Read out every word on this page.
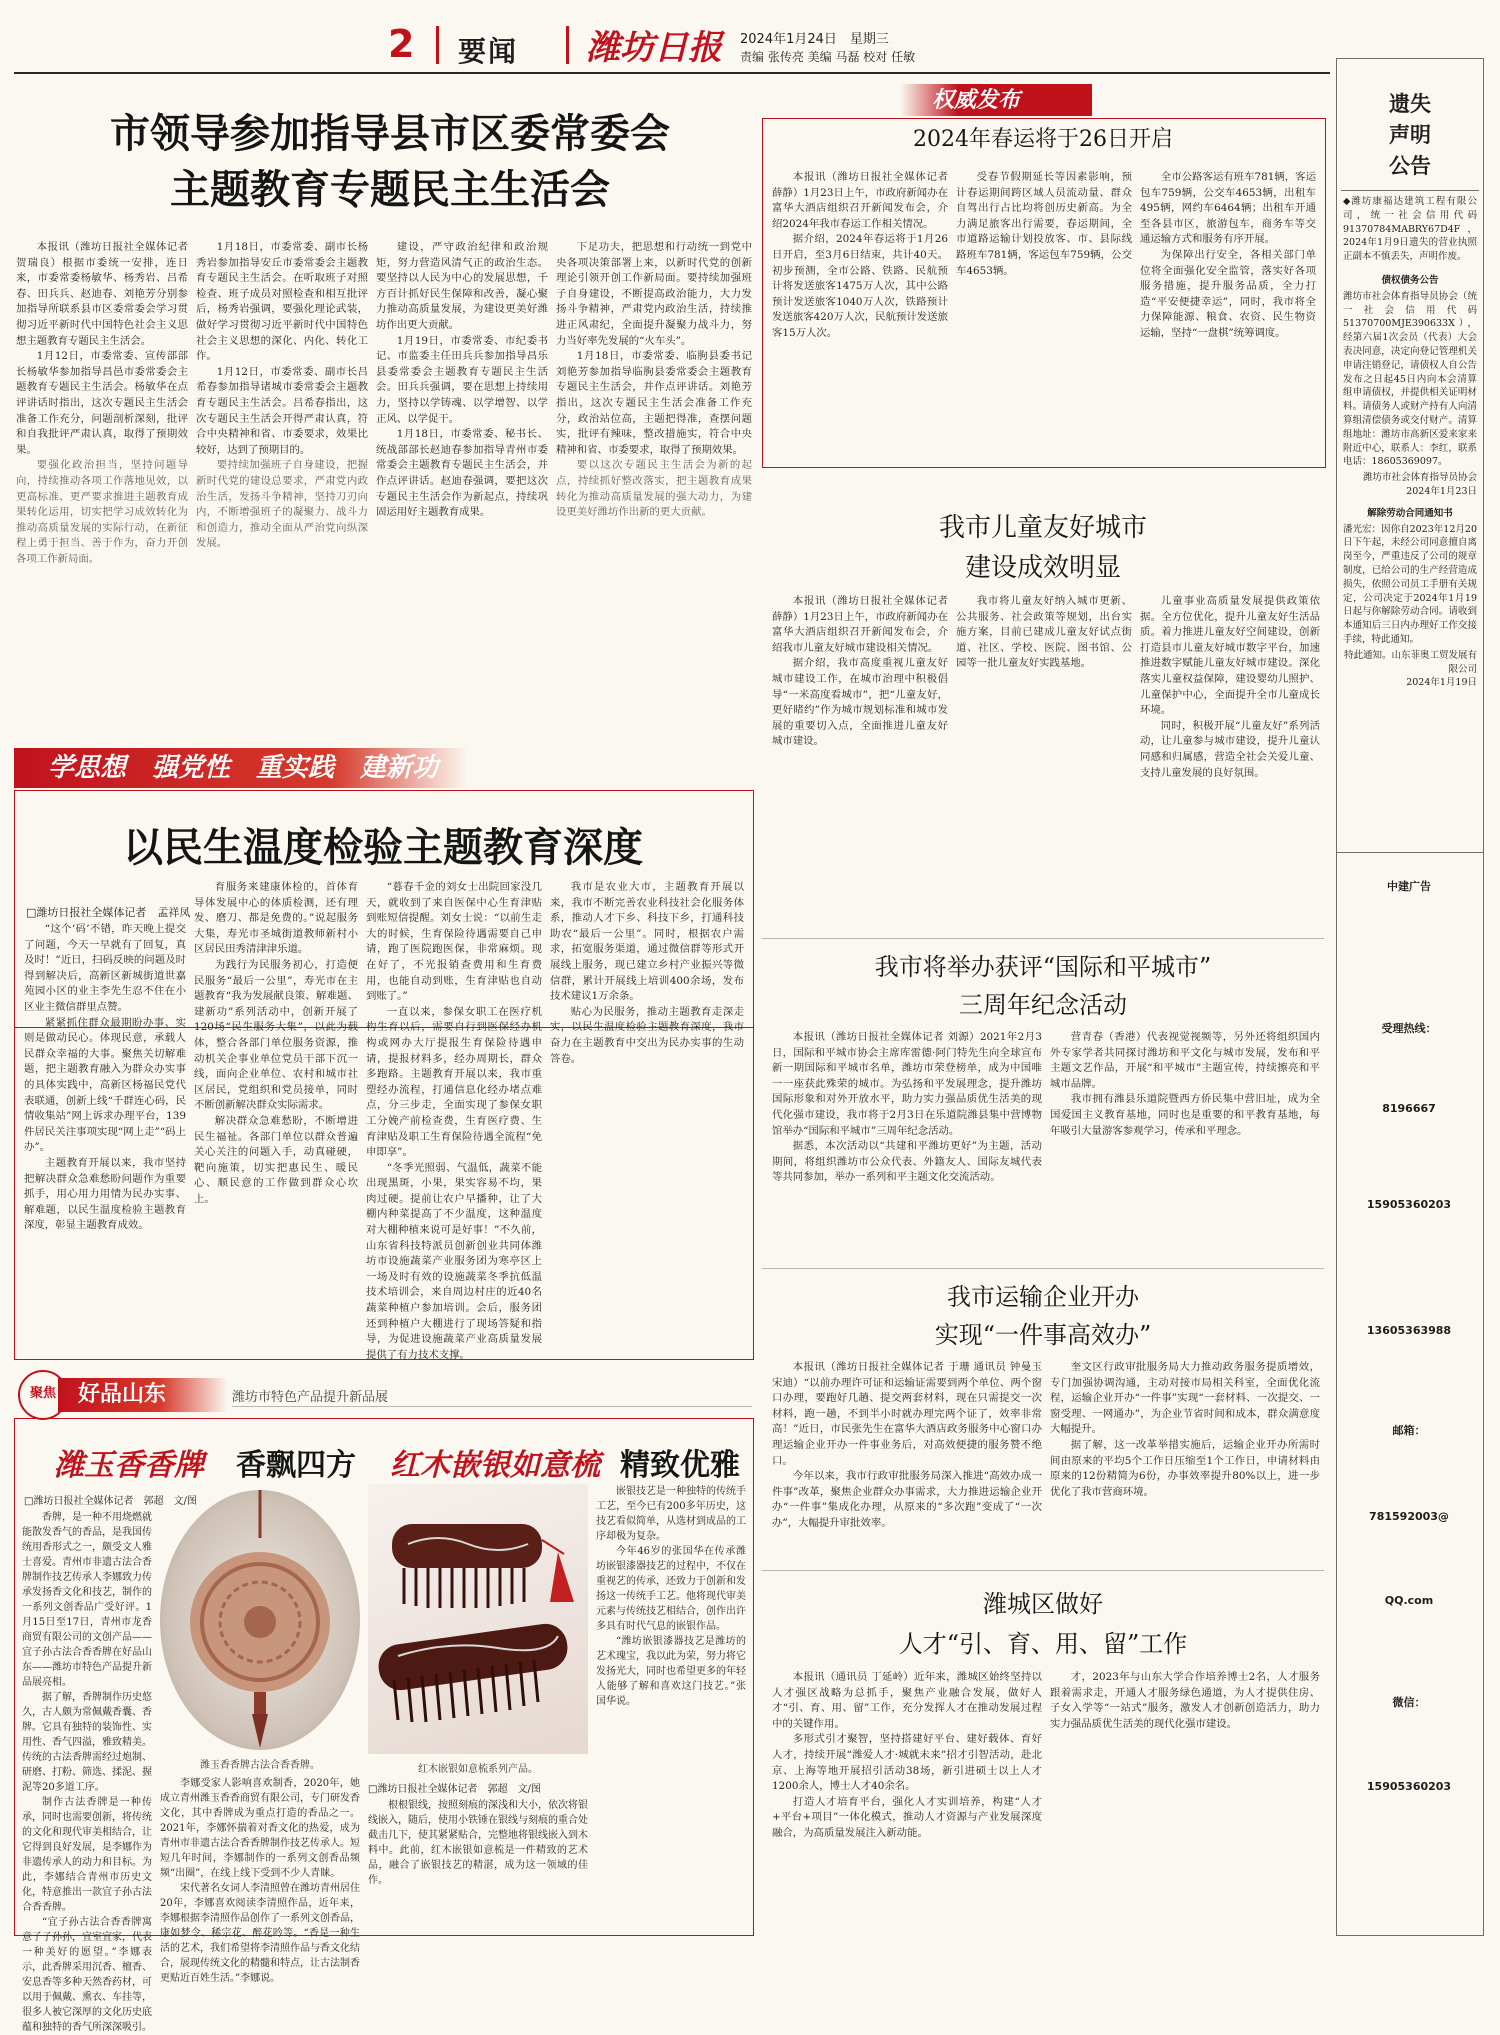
2 要闻 潍坊日报 2024年1月24日　星期三
责编 张传亮 美编 马磊 校对 任敏
市领导参加指导县市区委常委会
主题教育专题民主生活会

本报讯（潍坊日报社全媒体记者 贺瑞良）根据市委统一安排，连日来，市委常委杨敏华、杨秀岩、吕希春、田兵兵、赵迪春、刘艳芳分别参加指导所联系县市区委常委会学习贯彻习近平新时代中国特色社会主义思想主题教育专题民主生活会。

1月12日，市委常委、宣传部部长杨敏华参加指导昌邑市委常委会主题教育专题民主生活会。杨敏华在点评讲话时指出，这次专题民主生活会准备工作充分，问题剖析深刻，批评和自我批评严肃认真，取得了预期效果。

要强化政治担当，坚持问题导向，持续推动各项工作落地见效，以更高标准、更严要求推进主题教育成果转化运用，切实把学习成效转化为推动高质量发展的实际行动，在新征程上勇于担当、善于作为，奋力开创各项工作新局面。

1月18日，市委常委、副市长杨秀岩参加指导安丘市委常委会主题教育专题民主生活会。在听取班子对照检查、班子成员对照检查和相互批评后，杨秀岩强调，要强化理论武装，做好学习贯彻习近平新时代中国特色社会主义思想的深化、内化、转化工作。

1月12日，市委常委、副市长吕希春参加指导诸城市委常委会主题教育专题民主生活会。吕希春指出，这次专题民主生活会开得严肃认真，符合中央精神和省、市委要求，效果比较好，达到了预期目的。

要持续加强班子自身建设，把握新时代党的建设总要求，严肃党内政治生活，发扬斗争精神，坚持刀刃向内，不断增强班子的凝聚力、战斗力和创造力，推动全面从严治党向纵深发展。

建设，严守政治纪律和政治规矩，努力营造风清气正的政治生态。要坚持以人民为中心的发展思想，千方百计抓好民生保障和改善，凝心聚力推动高质量发展，为建设更美好潍坊作出更大贡献。

1月19日，市委常委、市纪委书记、市监委主任田兵兵参加指导昌乐县委常委会主题教育专题民主生活会。田兵兵强调，要在思想上持续用力，坚持以学铸魂、以学增智、以学正风、以学促干。

1月18日，市委常委、秘书长、统战部部长赵迪春参加指导青州市委常委会主题教育专题民主生活会，并作点评讲话。赵迪春强调，要把这次专题民主生活会作为新起点，持续巩固运用好主题教育成果。

下足功夫，把思想和行动统一到党中央各项决策部署上来，以新时代党的创新理论引领开创工作新局面。要持续加强班子自身建设，不断提高政治能力，大力发扬斗争精神，严肃党内政治生活，持续推进正风肃纪，全面提升凝聚力战斗力，努力当好率先发展的“火车头”。

1月18日，市委常委、临朐县委书记刘艳芳参加指导临朐县委常委会主题教育专题民主生活会，并作点评讲话。刘艳芳指出，这次专题民主生活会准备工作充分，政治站位高，主题把得准，查摆问题实，批评有辣味，整改措施实，符合中央精神和省、市委要求，取得了预期效果。

要以这次专题民主生活会为新的起点，持续抓好整改落实，把主题教育成果转化为推动高质量发展的强大动力，为建设更美好潍坊作出新的更大贡献。

学思想　强党性　重实践　建新功
以民生温度检验主题教育深度
□潍坊日报社全媒体记者　孟祥凤

“这个‘码’不错，昨天晚上提交了问题，今天一早就有了回复，真及时！”近日，扫码反映的问题及时得到解决后，高新区新城街道世嘉苑园小区的业主李先生忍不住在小区业主微信群里点赞。

紧紧抓住群众最期盼办事、实则是做动民心。体现民意，承载人民群众幸福的大事。聚焦关切解难题，把主题教育融入为群众办实事的具体实践中，高新区杨福民党代表联通，创新上线“千群连心码，民情收集站”网上诉求办理平台，139件居民关注事项实现“网上走”“码上办”。

主题教育开展以来，我市坚持把解决群众急难愁盼问题作为重要抓手，用心用力用情为民办实事、解难题，以民生温度检验主题教育深度，彰显主题教育成效。

育服务来建康体检的，首体育导体发展中心的体质检测，还有理发、磨刀、都是免费的。”说起服务大集，寿光市圣城街道教师新村小区居民田秀清津津乐道。

为践行为民服务初心，打造便民服务“最后一公里”，寿光市在主题教育“我为发展献良策、解难题、建新功”系列活动中，创新开展了120场“民生服务大集”，以此为载体，整合各部门单位服务资源，推动机关企事业单位党员干部下沉一线，面向企业单位、农村和城市社区居民，党组织和党员接单，同时不断创新解决群众实际需求。

解决群众急难愁盼，不断增进民生福祉。各部门单位以群众普遍关心关注的问题入手，动真碰硬，靶向施策，切实把惠民生、暖民心、顺民意的工作做到群众心坎上。

“暮春千金的刘女士出院回家没几天，就收到了来自医保中心生育津贴到账短信提醒。刘女士说：“以前生走大的时候，生育保险待遇需要自己申请，跑了医院跑医保，非常麻烦。现在好了，不光报销查费用和生育费用，也能自动到账，生育津贴也自动到账了。”

一直以来，参保女职工在医疗机构生育以后，需要自行到医保经办机构或网办大厅提报生育保险待遇申请，提报材料多，经办周期长，群众多跑路。主题教育开展以来，我市重塑经办流程，打通信息化经办堵点难点，分三步走，全面实现了参保女职工分娩产前检查费，生育医疗费、生育津贴及职工生育保险待遇全流程“免申即享”。

“冬季光照弱、气温低，蔬菜不能出现黑斑，小果，果实容易不均，果肉过硬。提前让农户早播种，让了大棚内种菜提高了不少温度，这种温度对大棚种植来说可是好事！”不久前，山东省科技特派员创新创业共同体潍坊市设施蔬菜产业服务团为寒亭区上一场及时有效的设施蔬菜冬季抗低温技术培训会，来自周边村庄的近40名蔬菜种植户参加培训。会后，服务团还到种植户大棚进行了现场答疑和指导，为促进设施蔬菜产业高质量发展提供了有力技术支撑。

我市是农业大市，主题教育开展以来，我市不断完善农业科技社会化服务体系，推动人才下乡、科技下乡，打通科技助农“最后一公里”。同时，根据农户需求，拓宽服务渠道，通过微信群等形式开展线上服务，现已建立乡村产业振兴等微信群，累计开展线上培训400余场，发布技术建议1万余条。

贴心为民服务，推动主题教育走深走实，以民生温度检验主题教育深度，我市奋力在主题教育中交出为民办实事的生动答卷。

聚焦	好品山东	潍坊市特色产品提升新品展
潍玉香香牌 香飘四方 红木嵌银如意梳 精致优雅
□潍坊日报社全媒体记者　郭超　文/图

香牌，是一种不用烧燃就能散发香气的香品，是我国传统用香形式之一，颇受文人雅士喜爱。青州市非遗古法合香牌制作技艺传承人李娜致力传承发扬香文化和技艺，制作的一系列文创香品广受好评。1月15日至17日，青州市龙香商贸有限公司的文创产品——宜子孙古法合香香牌在好品山东——潍坊市特色产品提升新品展亮相。

据了解，香牌制作历史悠久，古人颇为常佩戴香囊、香牌。它具有独特的装饰性、实用性、香气四溢，雅致精美。传统的古法香牌需经过炮制、研磨、打粉、筛选、揉泥、握泥等20多道工序。

制作古法香牌是一种传承，同时也需要创新，将传统的文化和现代审美相结合，让它得到良好发展，是李娜作为非遗传承人的动力和目标。为此，李娜结合青州市历史文化，特意推出一款宜子孙古法合香香牌。

“宜子孙古法合香香牌寓意子子孙孙，宜室宜家，代表一种美好的愿望。”李娜表示，此香牌采用沉香、檀香、安息香等多种天然香药材，可以用于佩戴、熏衣、车挂等，很多人被它深厚的文化历史底蕴和独特的香气所深深吸引。

潍玉香香牌古法合香香牌。	红木嵌银如意梳系列产品。

李娜受家人影响喜欢制香，2020年，她成立青州潍玉香香商贸有限公司，专门研发香文化，其中香牌成为重点打造的香品之一。2021年，李娜怀揣着对香文化的热爱，成为青州市非遗古法合香香牌制作技艺传承人。短短几年时间，李娜制作的一系列文创香品频频“出圈”，在线上线下受到不少人青睐。

宋代著名女词人李清照曾在潍坊青州居住20年，李娜喜欢阅读李清照作品，近年来，李娜根据李清照作品创作了一系列文创香品，康如梦令、稀宗花、醉花吟等。“香是一种生活的艺术，我们希望将李清照作品与香文化结合，展现传统文化的精髓和特点，让古法制香更贴近百姓生活。”李娜说。

□潍坊日报社全媒体记者　郭超　文/图

根根银线，按照刻痕的深浅和大小，依次将银线嵌入，随后，使用小铁锤在银线与刻痕的重合处截击几下，使其紧紧贴合，完整地将银线嵌入到木料中。此前，红木嵌银如意梳是一件精致的艺术品，融合了嵌银技艺的精湛，成为这一领域的佳作。

嵌银技艺是一种独特的传统手工艺，至今已有200多年历史，这技艺看似简单，从选材到成品的工序却极为复杂。

今年46岁的张国华在传承潍坊嵌银漆器技艺的过程中，不仅在重视艺的传承，还致力于创新和发扬这一传统手工艺。他将现代审美元素与传统技艺相结合，创作出许多具有时代气息的嵌银作品。

“潍坊嵌银漆器技艺是潍坊的艺术瑰宝，我以此为荣，努力将它发扬光大，同时也希望更多的年轻人能够了解和喜欢这门技艺。”张国华说。

权威发布
2024年春运将于26日开启

本报讯（潍坊日报社全媒体记者 薛静）1月23日上午，市政府新闻办在富华大酒店组织召开新闻发布会，介绍2024年我市春运工作相关情况。

据介绍，2024年春运将于1月26日开启，至3月6日结束，共计40天。初步预测，全市公路、铁路、民航预计将发送旅客1475万人次，其中公路预计发送旅客1040万人次，铁路预计发送旅客420万人次，民航预计发送旅客15万人次。

受春节假期延长等因素影响，预计春运期间跨区域人员流动量、群众自驾出行占比均将创历史新高。为全力满足旅客出行需要，春运期间，全市道路运输计划投放客、市、县际线路班车781辆，客运包车759辆，公交车4653辆。

全市公路客运有班车781辆，客运包车759辆，公交车4653辆，出租车495辆，网约车6464辆；出租车开通至各县市区，旅游包车，商务车等交通运输方式和服务有序开展。

为保障出行安全，各相关部门单位将全面强化安全监管，落实好各项服务措施，提升服务品质，全力打造“平安便捷幸运”，同时，我市将全力保障能源、粮食、农资、民生物资运输，坚持“一盘棋”统筹调度。

我市儿童友好城市
建设成效明显

本报讯（潍坊日报社全媒体记者 薛静）1月23日上午，市政府新闻办在富华大酒店组织召开新闻发布会，介绍我市儿童友好城市建设相关情况。

据介绍，我市高度重视儿童友好城市建设工作，在城市治理中积极倡导“一米高度看城市”，把“儿童友好，更好睹约”作为城市规划标准和城市发展的重要切入点，全面推进儿童友好城市建设。

我市将儿童友好纳入城市更新、公共服务、社会政策等规划，出台实施方案，目前已建成儿童友好试点街道、社区、学校、医院、图书馆、公园等一批儿童友好实践基地。

儿童事业高质量发展提供政策依据。全方位优化，提升儿童友好生活品质。着力推进儿童友好空间建设，创新打造县市儿童友好城市数字平台，加速推进数字赋能儿童友好城市建设。深化落实儿童权益保障，建设婴幼儿照护、儿童保护中心，全面提升全市儿童成长环境。

同时，积极开展“儿童友好”系列活动，让儿童参与城市建设，提升儿童认同感和归属感，营造全社会关爱儿童、支持儿童发展的良好氛围。

我市将举办获评“国际和平城市”
三周年纪念活动

本报讯（潍坊日报社全媒体记者 刘源）2021年2月3日，国际和平城市协会主席库雷德·阿门特先生向全球宣布新一期国际和平城市名单，潍坊市荣登榜单，成为中国唯一一座获此殊荣的城市。为弘扬和平发展理念，提升潍坊国际形象和对外开放水平，助力实力强品质优生活美的现代化强市建设，我市将于2月3日在乐道院潍县集中营博物馆举办“国际和平城市”三周年纪念活动。

据悉，本次活动以“共建和平潍坊更好”为主题，活动期间，将组织潍坊市公众代表、外籍友人、国际友城代表等共同参加，举办一系列和平主题文化交流活动。

营青春（香港）代表视觉视频等，另外还将组织国内外专家学者共同探讨潍坊和平文化与城市发展，发布和平主题文艺作品，开展“和平城市”主题宣传，持续擦亮和平城市品牌。

我市拥有潍县乐道院暨西方侨民集中营旧址，成为全国爱国主义教育基地，同时也是重要的和平教育基地，每年吸引大量游客参观学习，传承和平理念。

我市运输企业开办
实现“一件事高效办”

本报讯（潍坊日报社全媒体记者 于珊 通讯员 钟曼玉 宋迪）“以前办理许可证和运输证需要到两个单位、两个窗口办理，要跑好几趟、提交两套材料，现在只需提交一次材料，跑一趟，不到半小时就办理完两个证了，效率非常高！”近日，市民张先生在富华大酒店政务服务中心窗口办理运输企业开办一件事业务后，对高效便捷的服务赞不绝口。

今年以来，我市行政审批服务局深入推进“高效办成一件事”改革，聚焦企业群众办事需求，大力推进运输企业开办“一件事”集成化办理，从原来的“多次跑”变成了“一次办”，大幅提升审批效率。

奎文区行政审批服务局大力推动政务服务提质增效，专门加强协调沟通，主动对接市局相关科室，全面优化流程，运输企业开办“一件事”实现“一套材料、一次提交、一窗受理、一网通办”，为企业节省时间和成本，群众满意度大幅提升。

据了解，这一改革举措实施后，运输企业开办所需时间由原来的平均5个工作日压缩至1个工作日，申请材料由原来的12份精简为6份，办事效率提升80%以上，进一步优化了我市营商环境。

潍城区做好
人才“引、育、用、留”工作

本报讯（通讯员 丁延岭）近年来，潍城区始终坚持以人才强区战略为总抓手，聚焦产业融合发展，做好人才“引、育、用、留”工作，充分发挥人才在推动发展过程中的关键作用。

多形式引才聚智，坚持搭建好平台、建好载体、育好人才，持续开展“潍爱人才·城就未来”招才引智活动，赴北京、上海等地开展招引活动38场，新引进硕士以上人才1200余人，博士人才40余名。

打造人才培育平台，强化人才实训培养，构建“人才+平台+项目”一体化模式，推动人才资源与产业发展深度融合，为高质量发展注入新动能。

才，2023年与山东大学合作培养博士2名，人才服务跟着需求走，开通人才服务绿色通道，为人才提供住房、子女入学等“一站式”服务，激发人才创新创造活力，助力实力强品质优生活美的现代化强市建设。

遗失
声明
公告
◆潍坊康福达建筑工程有限公司，统一社会信用代码91370784MABRY67D4F，2024年1月9日遗失的营业执照正副本不慎丢失，声明作废。
债权债务公告
潍坊市社会体育指导员协会（统一社会信用代码51370700MJE390633X），经第六届1次会员（代表）大会表决同意，决定向登记管理机关申请注销登记，请债权人自公告发布之日起45日内向本会清算组申请债权，并提供相关证明材料。请债务人或财产持有人向清算组清偿债务或交付财产。清算组地址：潍坊市高新区爱来家来附近中心，联系人：李红，联系电话：18605369097。
潍坊市社会体育指导员协会
2024年1月23日
解除劳动合同通知书
潘光宏：因你自2023年12月20日下午起，未经公司同意擅自离岗至今，严重违反了公司的规章制度，已给公司的生产经营造成损失，依照公司员工手册有关规定，公司决定于2024年1月19日起与你解除劳动合同。请收到本通知后三日内办理好工作交接手续，特此通知。
特此通知。山东菲奥工贸发展有限公司
2024年1月19日
中建广告
受理热线：
8196667
15905360203
13605363988
邮箱：
781592003@
QQ.com
微信：
15905360203
